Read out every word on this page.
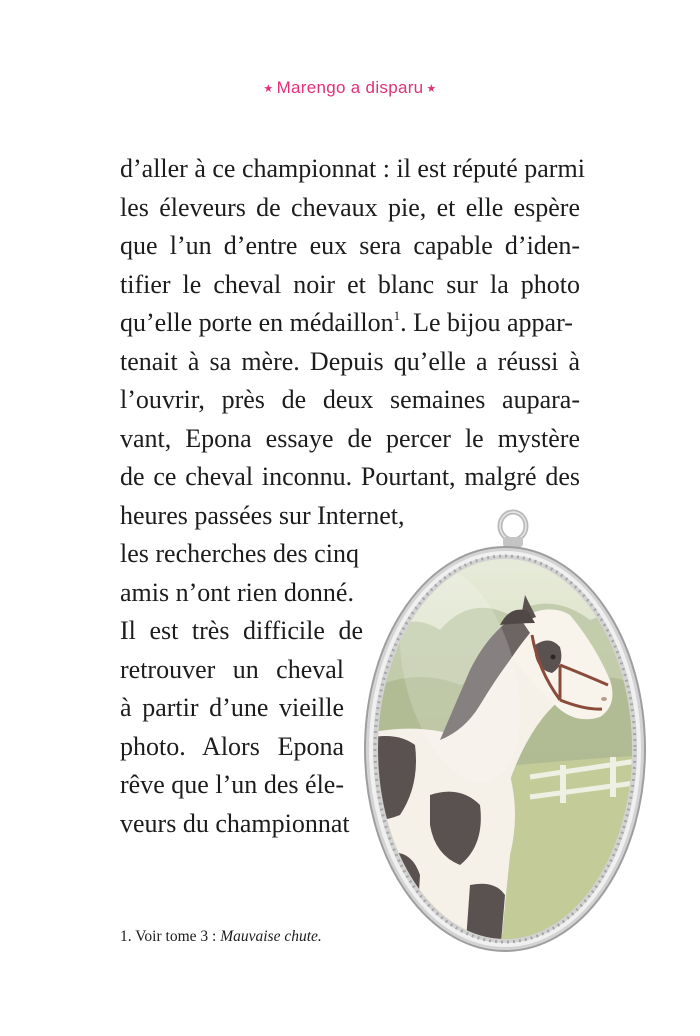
★ Marengo a disparu ★
d’aller à ce championnat : il est réputé parmi
les éleveurs de chevaux pie, et elle espère
que l’un d’entre eux sera capable d’iden-
tifier le cheval noir et blanc sur la photo
qu’elle porte en médaillon$^1$. Le bijou appar-
tenait à sa mère. Depuis qu’elle a réussi à
l’ouvrir, près de deux semaines aupara-
vant, Epona essaye de percer le mystère
de ce cheval inconnu. Pourtant, malgré des
heures passées sur Internet,
les recherches des cinq
amis n’ont rien donné.
Il est très difficile de
retrouver un cheval
à partir d’une vieille
photo. Alors Epona
rêve que l’un des éle-
veurs du championnat
1. Voir tome 3 : Mauvaise chute.
